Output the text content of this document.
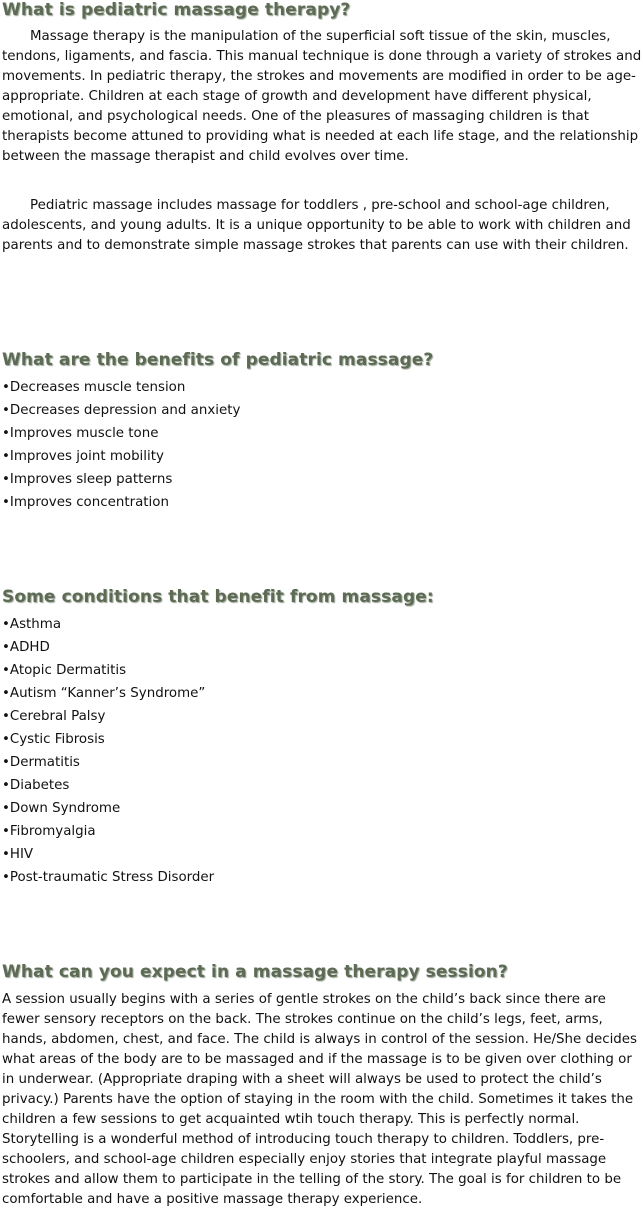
What is pediatric massage therapy?

Massage therapy is the manipulation of the superficial soft tissue of the skin, muscles, tendons, ligaments, and fascia. This manual technique is done through a variety of strokes and movements. In pediatric therapy, the strokes and movements are modified in order to be age-appropriate. Children at each stage of growth and development have different physical, emotional, and psychological needs. One of the pleasures of massaging children is that therapists become attuned to providing what is needed at each life stage, and the relationship between the massage therapist and child evolves over time.

Pediatric massage includes massage for toddlers , pre-school and school-age children, adolescents, and young adults. It is a unique opportunity to be able to work with children and parents and to demonstrate simple massage strokes that parents can use with their children.

What are the benefits of pediatric massage?
• Decreases muscle tension
• Decreases depression and anxiety
• Improves muscle tone
• Improves joint mobility
• Improves sleep patterns
• Improves concentration
Some conditions that benefit from massage:
• Asthma
• ADHD
• Atopic Dermatitis
• Autism “Kanner’s Syndrome”
• Cerebral Palsy
• Cystic Fibrosis
• Dermatitis
• Diabetes
• Down Syndrome
• Fibromyalgia
• HIV
• Post-traumatic Stress Disorder
What can you expect in a massage therapy session?

A session usually begins with a series of gentle strokes on the child’s back since there are fewer sensory receptors on the back. The strokes continue on the child’s legs, feet, arms, hands, abdomen, chest, and face. The child is always in control of the session. He/She decides what areas of the body are to be massaged and if the massage is to be given over clothing or in underwear. (Appropriate draping with a sheet will always be used to protect the child’s privacy.) Parents have the option of staying in the room with the child. Sometimes it takes the children a few sessions to get acquainted wtih touch therapy. This is perfectly normal. Storytelling is a wonderful method of introducing touch therapy to children. Toddlers, pre-schoolers, and school-age children especially enjoy stories that integrate playful massage strokes and allow them to participate in the telling of the story. The goal is for children to be comfortable and have a positive massage therapy experience.
